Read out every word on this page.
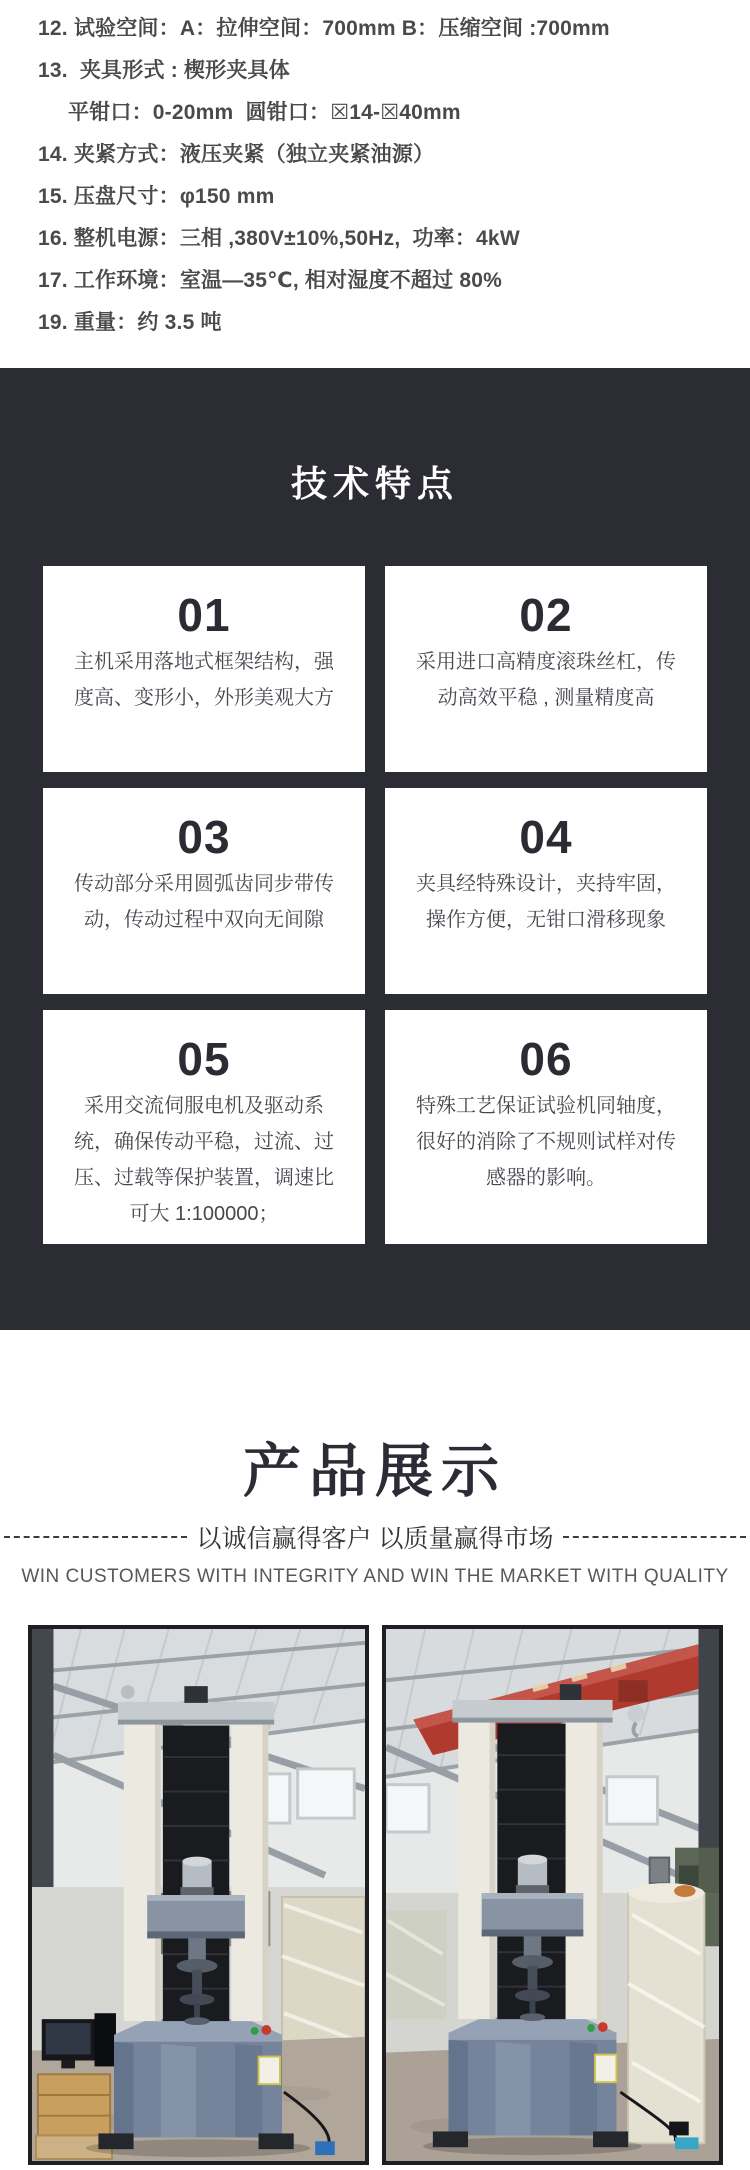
12. 试验空间：A：拉伸空间：700mm B：压缩空间 :700mm
13.  夹具形式 : 楔形夹具体
平钳口：0-20mm  圆钳口：☒14-☒40mm
14. 夹紧方式：液压夹紧（独立夹紧油源）
15. 压盘尺寸：φ150 mm
16. 整机电源：三相 ,380V±10%,50Hz,  功率：4kW
17. 工作环境：室温—35℃, 相对湿度不超过 80%
19. 重量：约 3.5 吨
技术特点
01
主机采用落地式框架结构，强度高、变形小，外形美观大方
02
采用进口高精度滚珠丝杠，传动高效平稳 , 测量精度高
03
传动部分采用圆弧齿同步带传动，传动过程中双向无间隙
04
夹具经特殊设计，夹持牢固，操作方便，无钳口滑移现象
05
采用交流伺服电机及驱动系统，确保传动平稳，过流、过压、过载等保护装置，调速比可大 1:100000；
06
特殊工艺保证试验机同轴度，很好的消除了不规则试样对传感器的影响。
产品展示
以诚信赢得客户 以质量赢得市场
WIN CUSTOMERS WITH INTEGRITY AND WIN THE MARKET WITH QUALITY
